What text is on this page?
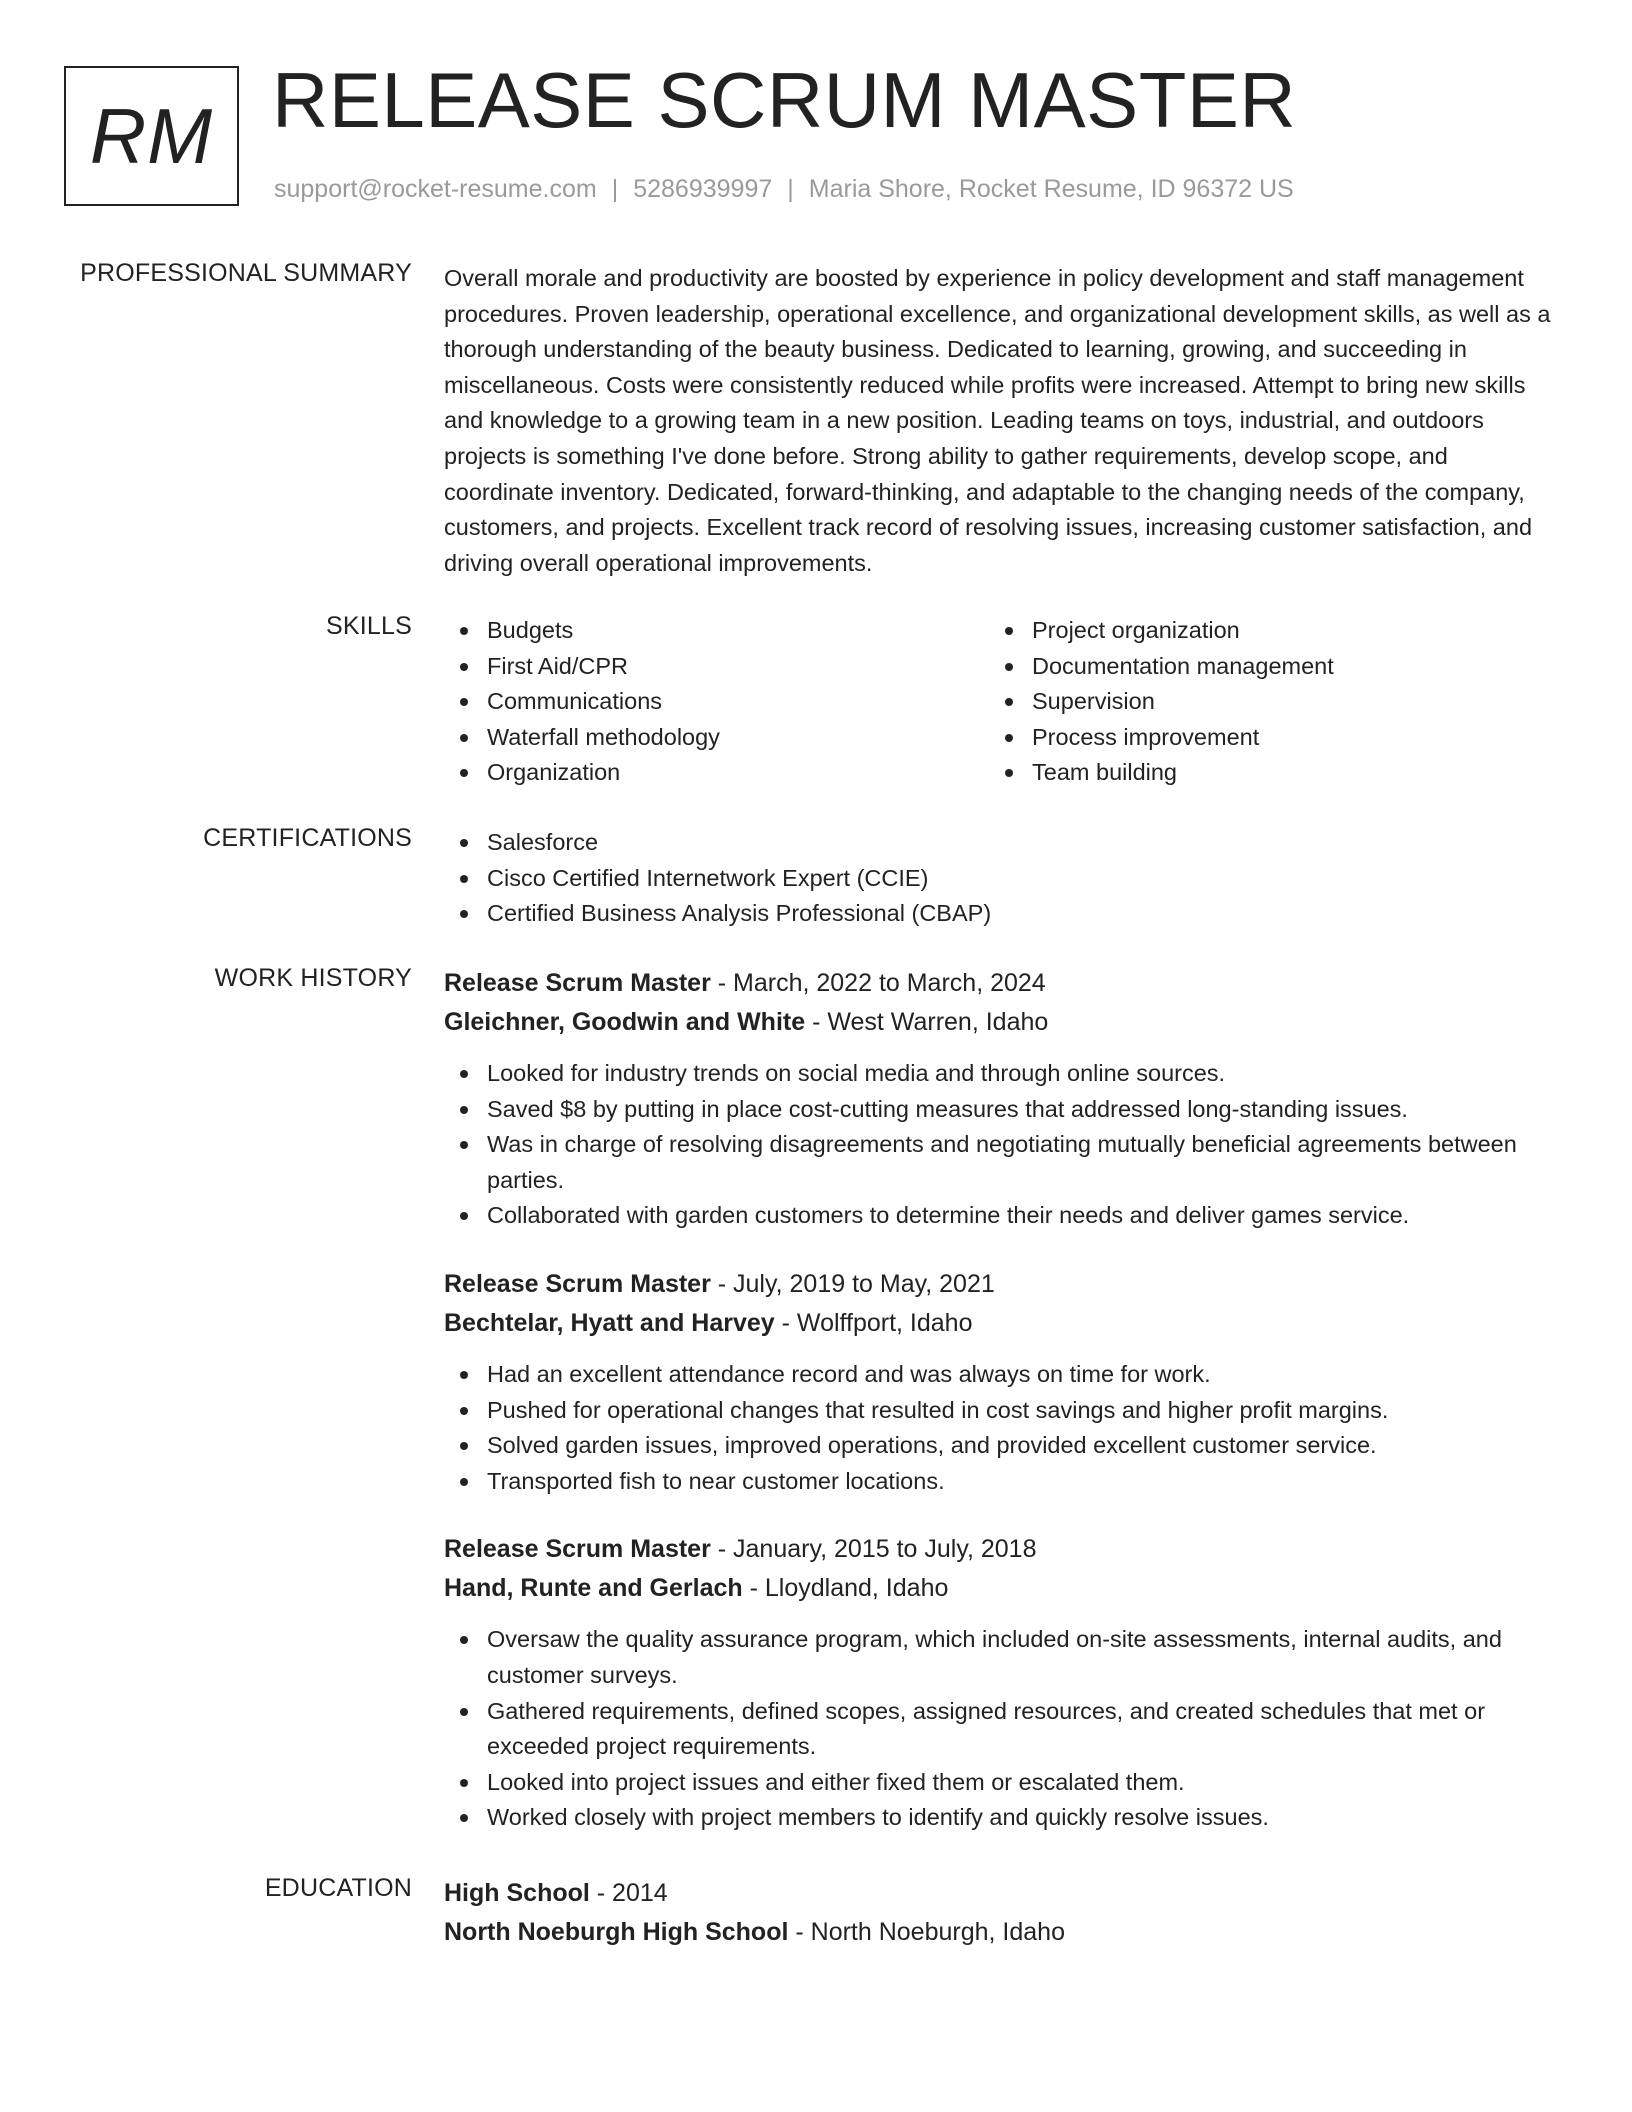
RM RELEASE SCRUM MASTER
support@rocket-resume.com | 5286939997 | Maria Shore, Rocket Resume, ID 96372 US
PROFESSIONAL SUMMARY Overall morale and productivity are boosted by experience in policy development and staff management procedures. Proven leadership, operational excellence, and organizational development skills, as well as a thorough understanding of the beauty business. Dedicated to learning, growing, and succeeding in miscellaneous. Costs were consistently reduced while profits were increased. Attempt to bring new skills and knowledge to a growing team in a new position. Leading teams on toys, industrial, and outdoors projects is something I've done before. Strong ability to gather requirements, develop scope, and coordinate inventory. Dedicated, forward-thinking, and adaptable to the changing needs of the company, customers, and projects. Excellent track record of resolving issues, increasing customer satisfaction, and driving overall operational improvements.

SKILLS	Budgets
First Aid/CPR
Communications
Waterfall methodology
Organization
Project organization
Documentation management
Supervision
Process improvement
Team building
CERTIFICATIONS	Salesforce
Cisco Certified Internetwork Expert (CCIE)
Certified Business Analysis Professional (CBAP)
WORK HISTORY Release Scrum Master - March, 2022 to March, 2024
Gleichner, Goodwin and White - West Warren, Idaho
Looked for industry trends on social media and through online sources.
Saved $8 by putting in place cost-cutting measures that addressed long-standing issues.
Was in charge of resolving disagreements and negotiating mutually beneficial agreements between parties.
Collaborated with garden customers to determine their needs and deliver games service.
Release Scrum Master - July, 2019 to May, 2021
Bechtelar, Hyatt and Harvey - Wolffport, Idaho
Had an excellent attendance record and was always on time for work.
Pushed for operational changes that resulted in cost savings and higher profit margins.
Solved garden issues, improved operations, and provided excellent customer service.
Transported fish to near customer locations.
Release Scrum Master - January, 2015 to July, 2018
Hand, Runte and Gerlach - Lloydland, Idaho
Oversaw the quality assurance program, which included on-site assessments, internal audits, and customer surveys.
Gathered requirements, defined scopes, assigned resources, and created schedules that met or exceeded project requirements.
Looked into project issues and either fixed them or escalated them.
Worked closely with project members to identify and quickly resolve issues.
EDUCATION High School - 2014
North Noeburgh High School - North Noeburgh, Idaho
